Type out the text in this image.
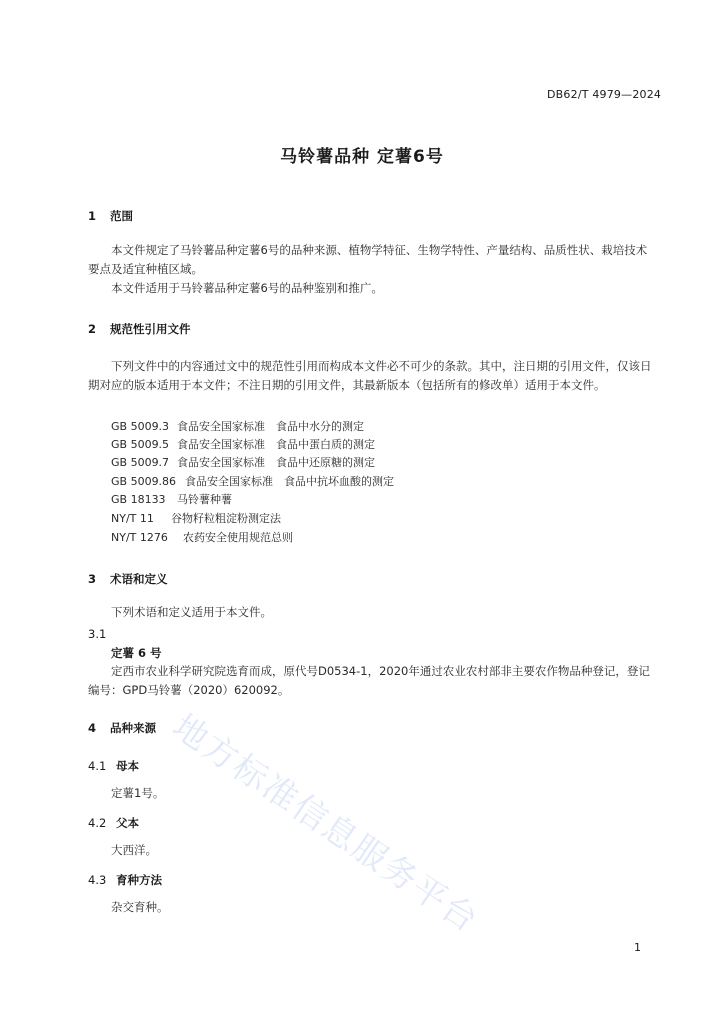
DB62/T 4979—2024
马铃薯品种 定薯6号
1 范围
本文件规定了马铃薯品种定薯6号的品种来源、植物学特征、生物学特性、产量结构、品质性状、栽培技术要点及适宜种植区域。
本文件适用于马铃薯品种定薯6号的品种鉴别和推广。
2 规范性引用文件
下列文件中的内容通过文中的规范性引用而构成本文件必不可少的条款。其中，注日期的引用文件，仅该日期对应的版本适用于本文件；不注日期的引用文件，其最新版本（包括所有的修改单）适用于本文件。
GB 5009.3 食品安全国家标准　食品中水分的测定
GB 5009.5 食品安全国家标准　食品中蛋白质的测定
GB 5009.7 食品安全国家标准　食品中还原糖的测定
GB 5009.86 食品安全国家标准　食品中抗坏血酸的测定
GB 18133 马铃薯种薯
NY/T 11 谷物籽粒粗淀粉测定法
NY/T 1276 农药安全使用规范总则
3 术语和定义
下列术语和定义适用于本文件。
3.1
定薯 6 号
定西市农业科学研究院选育而成，原代号D0534-1，2020年通过农业农村部非主要农作物品种登记，登记编号：GPD马铃薯（2020）620092。
4 品种来源
4.1 母本
定薯1号。
4.2 父本
大西洋。
4.3 育种方法
杂交育种。
地方标准信息服务平台
1
